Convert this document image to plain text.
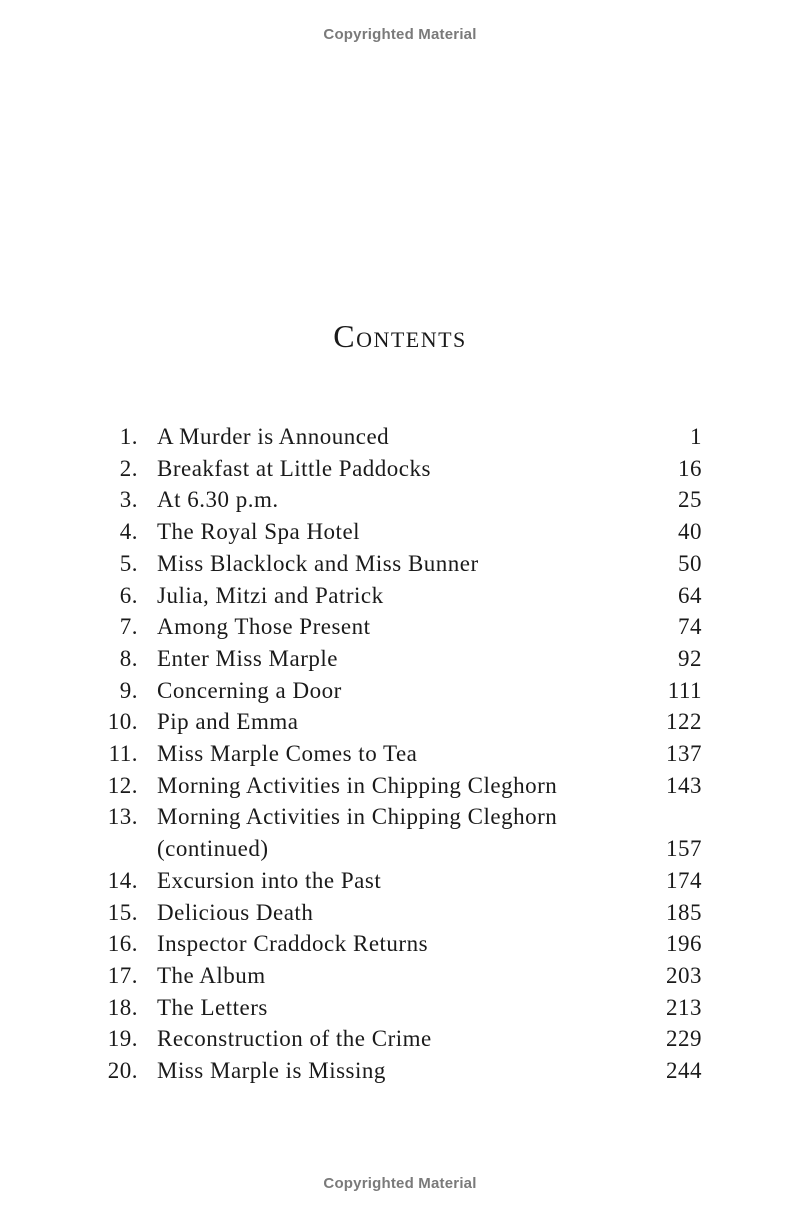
Copyrighted Material
Contents
1. A Murder is Announced	1
2. Breakfast at Little Paddocks	16
3. At 6.30 p.m.	25
4. The Royal Spa Hotel	40
5. Miss Blacklock and Miss Bunner	50
6. Julia, Mitzi and Patrick	64
7. Among Those Present	74
8. Enter Miss Marple	92
9. Concerning a Door	111
10. Pip and Emma	122
11. Miss Marple Comes to Tea	137
12. Morning Activities in Chipping Cleghorn	143
13. Morning Activities in Chipping Cleghorn (continued)	157
14. Excursion into the Past	174
15. Delicious Death	185
16. Inspector Craddock Returns	196
17. The Album	203
18. The Letters	213
19. Reconstruction of the Crime	229
20. Miss Marple is Missing	244
Copyrighted Material
